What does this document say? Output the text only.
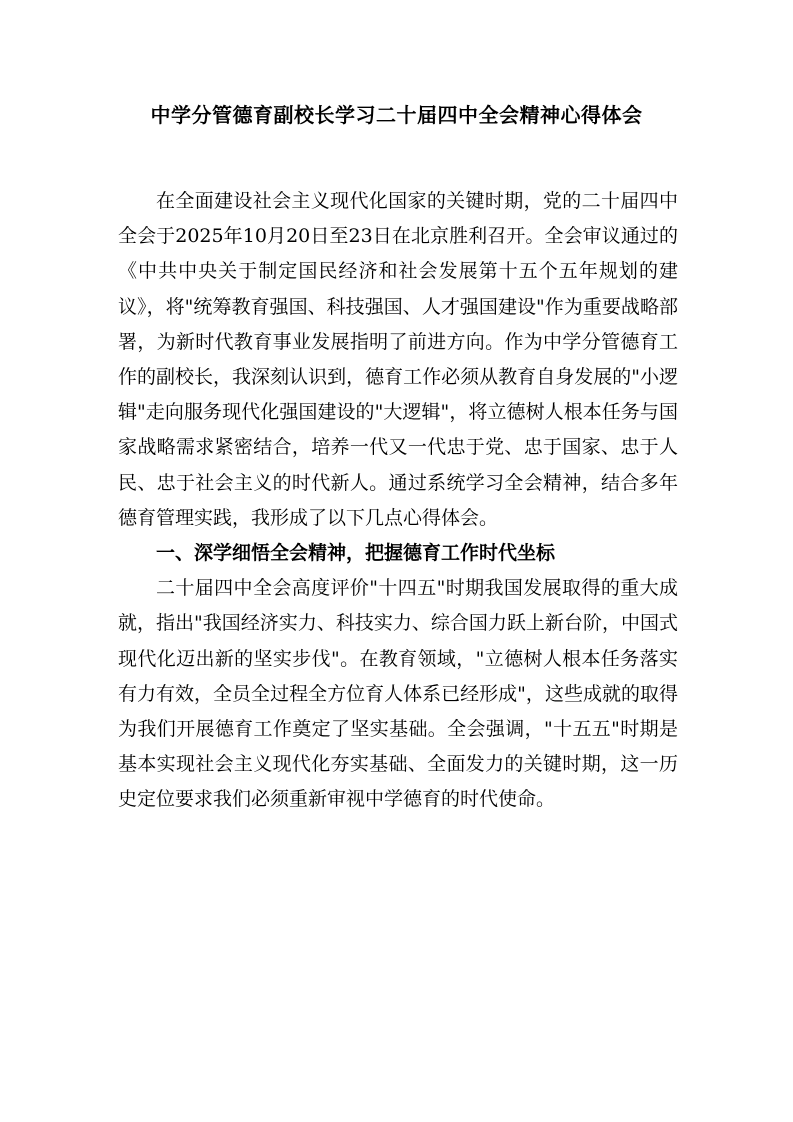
中学分管德育副校长学习二十届四中全会精神心得体会

在全面建设社会主义现代化国家的关键时期，党的二十届四中全会于2025年10月20日至23日在北京胜利召开。全会审议通过的《中共中央关于制定国民经济和社会发展第十五个五年规划的建议》，将"统筹教育强国、科技强国、人才强国建设"作为重要战略部署，为新时代教育事业发展指明了前进方向。作为中学分管德育工作的副校长，我深刻认识到，德育工作必须从教育自身发展的"小逻辑"走向服务现代化强国建设的"大逻辑"，将立德树人根本任务与国家战略需求紧密结合，培养一代又一代忠于党、忠于国家、忠于人民、忠于社会主义的时代新人。通过系统学习全会精神，结合多年德育管理实践，我形成了以下几点心得体会。

一、深学细悟全会精神，把握德育工作时代坐标

二十届四中全会高度评价"十四五"时期我国发展取得的重大成就，指出"我国经济实力、科技实力、综合国力跃上新台阶，中国式现代化迈出新的坚实步伐"。在教育领域，"立德树人根本任务落实有力有效，全员全过程全方位育人体系已经形成"，这些成就的取得为我们开展德育工作奠定了坚实基础。全会强调，"十五五"时期是基本实现社会主义现代化夯实基础、全面发力的关键时期，这一历史定位要求我们必须重新审视中学德育的时代使命。
